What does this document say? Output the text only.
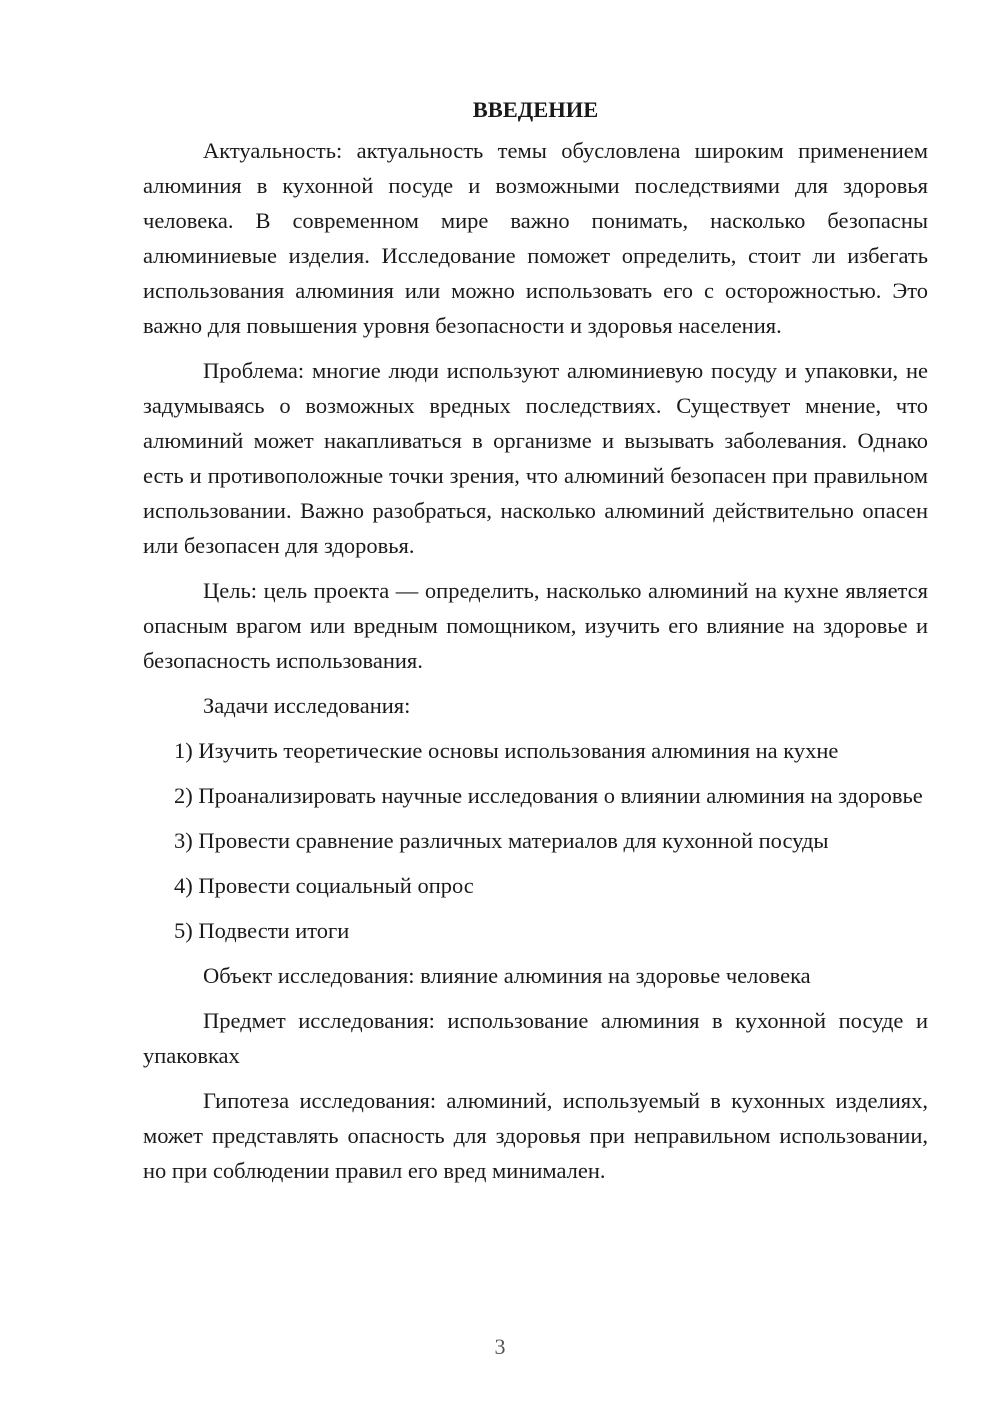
ВВЕДЕНИЕ

Актуальность: актуальность темы обусловлена широким применением алюминия в кухонной посуде и возможными последствиями для здоровья человека. В современном мире важно понимать, насколько безопасны алюминиевые изделия. Исследование поможет определить, стоит ли избегать использования алюминия или можно использовать его с осторожностью. Это важно для повышения уровня безопасности и здоровья населения.

Проблема: многие люди используют алюминиевую посуду и упаковки, не задумываясь о возможных вредных последствиях. Существует мнение, что алюминий может накапливаться в организме и вызывать заболевания. Однако есть и противоположные точки зрения, что алюминий безопасен при правильном использовании. Важно разобраться, насколько алюминий действительно опасен или безопасен для здоровья.

Цель: цель проекта — определить, насколько алюминий на кухне является опасным врагом или вредным помощником, изучить его влияние на здоровье и безопасность использования.

Задачи исследования:

1) Изучить теоретические основы использования алюминия на кухне

2) Проанализировать научные исследования о влиянии алюминия на здоровье

3) Провести сравнение различных материалов для кухонной посуды

4) Провести социальный опрос

5) Подвести итоги

Объект исследования: влияние алюминия на здоровье человека

Предмет исследования: использование алюминия в кухонной посуде и упаковках

Гипотеза исследования: алюминий, используемый в кухонных изделиях, может представлять опасность для здоровья при неправильном использовании, но при соблюдении правил его вред минимален.

3
